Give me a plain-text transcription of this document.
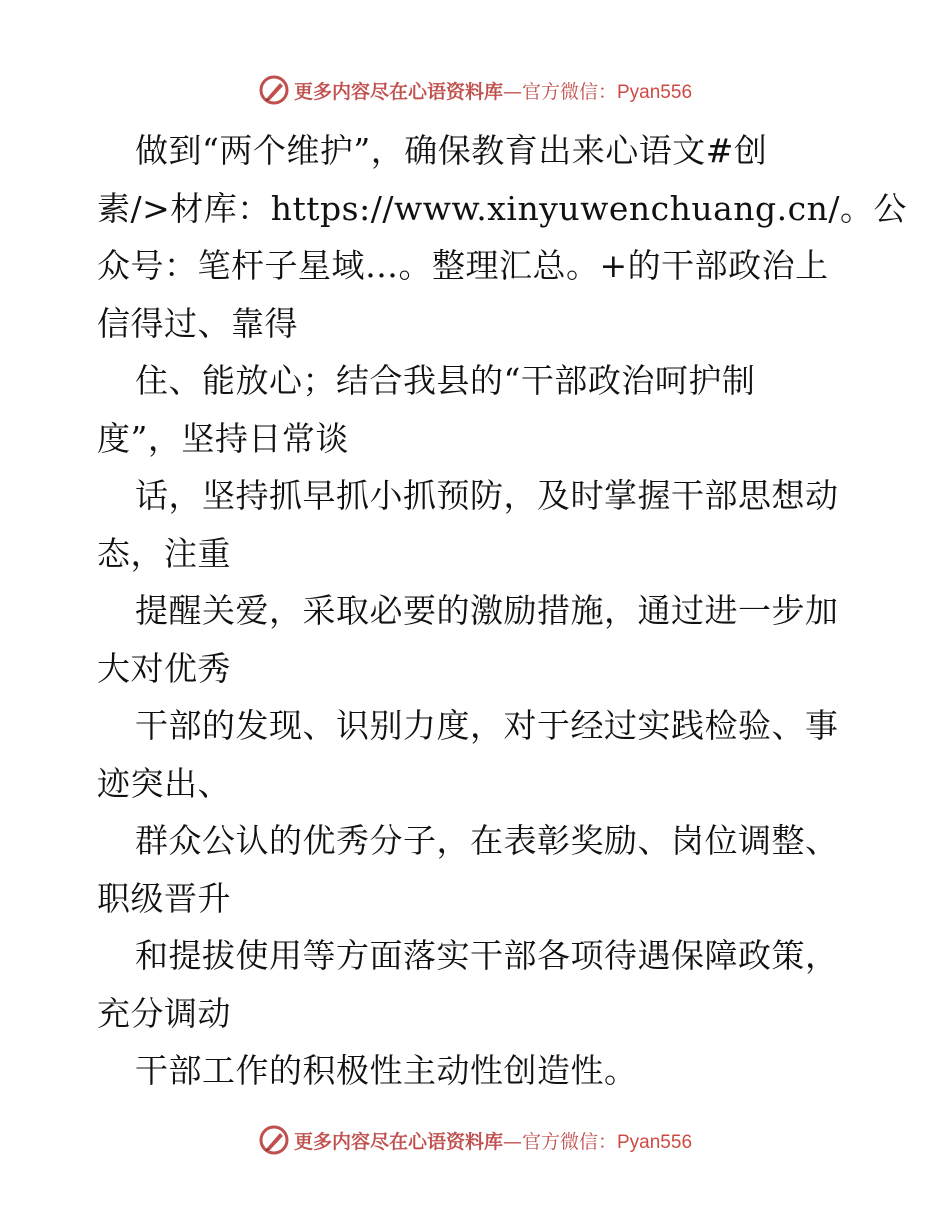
更多内容尽在心语资料库—官方微信：Pyan556
做到“两个维护”，确保教育出来心语文#创
素/>材库：https://www.xinyuwenchuang.cn/。公
众号：笔杆子星域…。整理汇总。+的干部政治上
信得过、靠得
住、能放心；结合我县的“干部政治呵护制
度”，坚持日常谈
话，坚持抓早抓小抓预防，及时掌握干部思想动
态，注重
提醒关爱，采取必要的激励措施，通过进一步加
大对优秀
干部的发现、识别力度，对于经过实践检验、事
迹突出、
群众公认的优秀分子，在表彰奖励、岗位调整、
职级晋升
和提拔使用等方面落实干部各项待遇保障政策，
充分调动
干部工作的积极性主动性创造性。
更多内容尽在心语资料库—官方微信：Pyan556
